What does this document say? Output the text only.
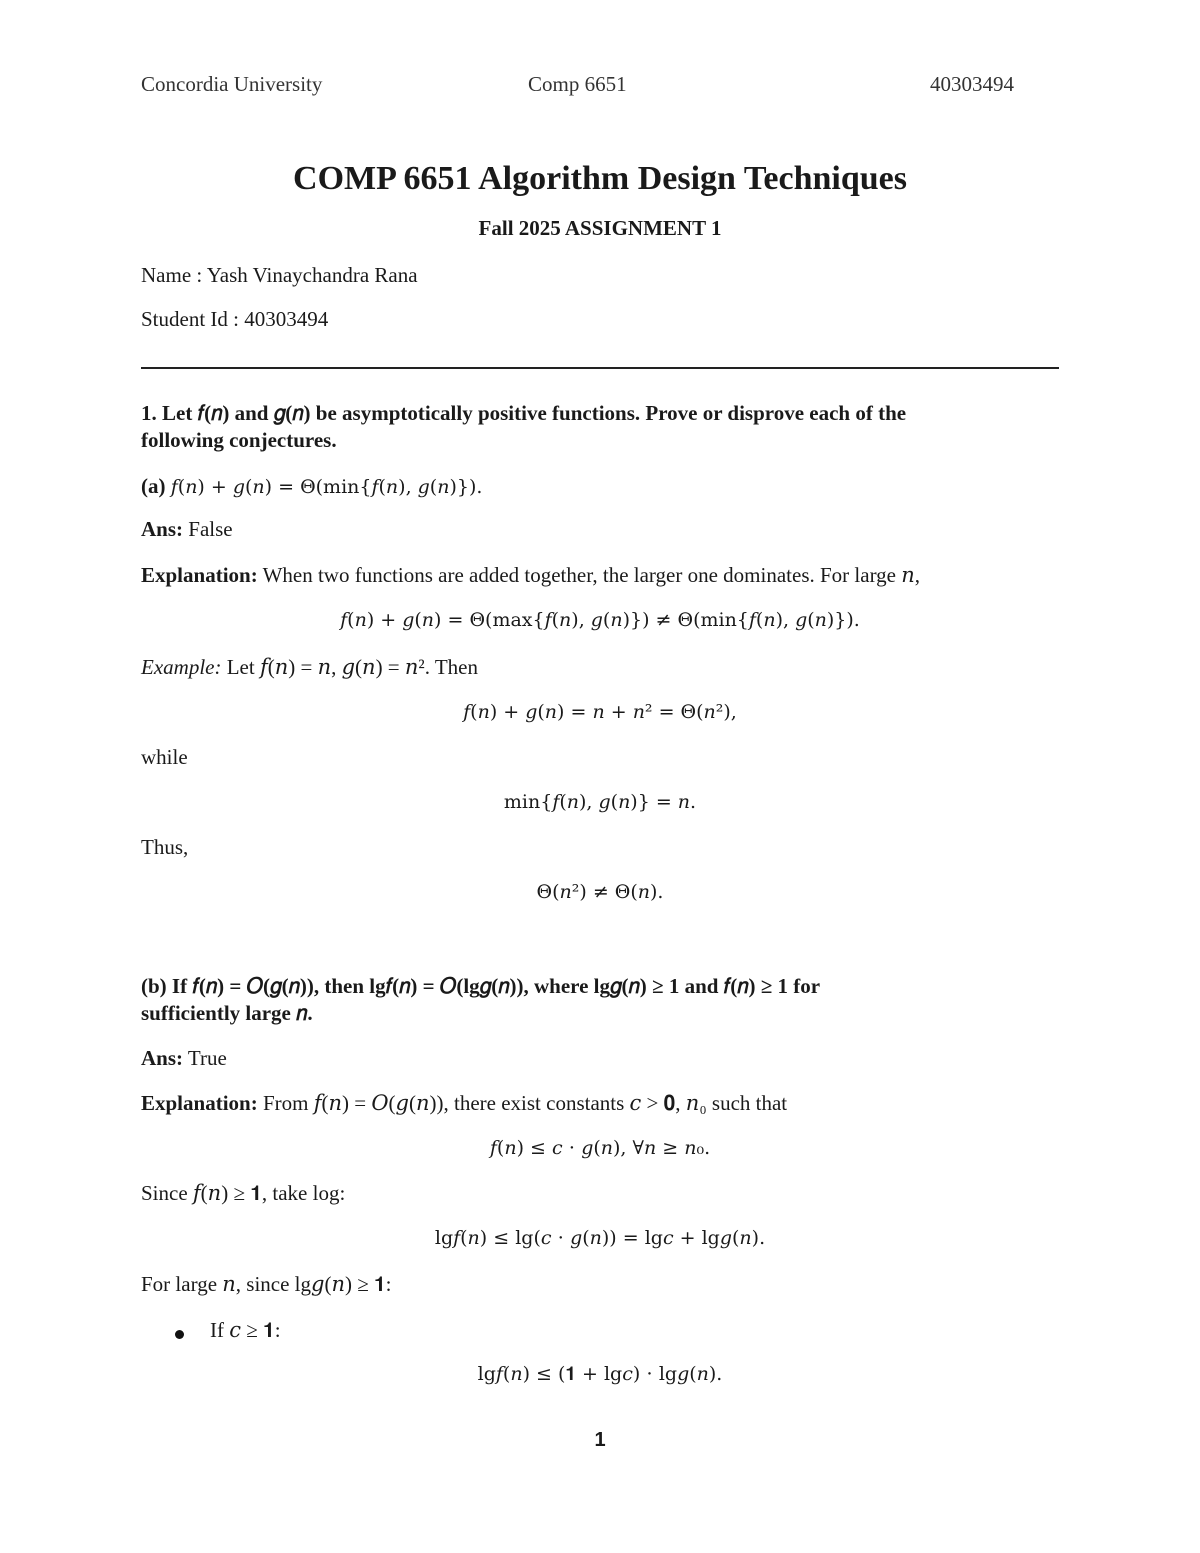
Concordia University	Comp 6651	40303494
COMP 6651 Algorithm Design Techniques
Fall 2025 ASSIGNMENT 1
Name : Yash Vinaychandra Rana
Student Id : 40303494
1. Let 𝑓(𝑛) and 𝑔(𝑛) be asymptotically positive functions. Prove or disprove each of the
following conjectures.
(a) 𝑓(𝑛) + 𝑔(𝑛) = Θ(min{𝑓(𝑛), 𝑔(𝑛)}).
Ans: False
Explanation: When two functions are added together, the larger one dominates. For large 𝑛,
𝑓(𝑛) + 𝑔(𝑛) = Θ(max{𝑓(𝑛), 𝑔(𝑛)}) ≠ Θ(min{𝑓(𝑛), 𝑔(𝑛)}).
Example: Let 𝑓(𝑛) = 𝑛, 𝑔(𝑛) = 𝑛². Then
𝑓(𝑛) + 𝑔(𝑛) = 𝑛 + 𝑛² = Θ(𝑛²),
while
min{𝑓(𝑛), 𝑔(𝑛)} = 𝑛.
Thus,
Θ(𝑛²) ≠ Θ(𝑛).
(b) If 𝑓(𝑛) = 𝑂(𝑔(𝑛)), then lg𝑓(𝑛) = 𝑂(lg𝑔(𝑛)), where lg𝑔(𝑛) ≥ 1 and 𝑓(𝑛) ≥ 1 for
sufficiently large 𝑛.
Ans: True
Explanation: From 𝑓(𝑛) = 𝑂(𝑔(𝑛)), there exist constants 𝑐 > 𝟎, 𝑛₀ such that
𝑓(𝑛) ≤ 𝑐 ⋅ 𝑔(𝑛), ∀𝑛 ≥ 𝑛₀.
Since 𝑓(𝑛) ≥ 𝟏, take log:
lg𝑓(𝑛) ≤ lg(𝑐 ⋅ 𝑔(𝑛)) = lg𝑐 + lg𝑔(𝑛).
For large 𝑛, since lg𝑔(𝑛) ≥ 𝟏:
If 𝑐 ≥ 𝟏:
lg𝑓(𝑛) ≤ (𝟏 + lg𝑐) ⋅ lg𝑔(𝑛).
1
